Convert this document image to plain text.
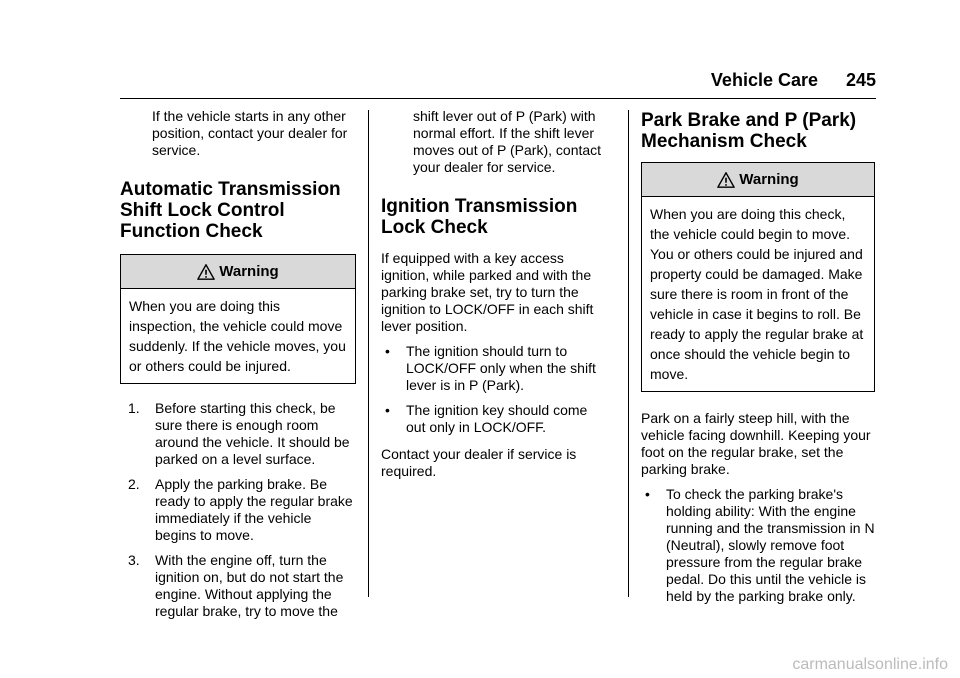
Vehicle Care 245

If the vehicle starts in any other position, contact your dealer for service.

Automatic Transmission Shift Lock Control Function Check
Warning
When you are doing this inspection, the vehicle could move suddenly. If the vehicle moves, you or others could be injured.
1.	Before starting this check, be sure there is enough room around the vehicle. It should be parked on a level surface.
2.	Apply the parking brake. Be ready to apply the regular brake immediately if the vehicle begins to move.
3.	With the engine off, turn the ignition on, but do not start the engine. Without applying the regular brake, try to move the

shift lever out of P (Park) with normal effort. If the shift lever moves out of P (Park), contact your dealer for service.

Ignition Transmission Lock Check

If equipped with a key access ignition, while parked and with the parking brake set, try to turn the ignition to LOCK/OFF in each shift lever position.

•	The ignition should turn to LOCK/OFF only when the shift lever is in P (Park).
•	The ignition key should come out only in LOCK/OFF.

Contact your dealer if service is required.

Park Brake and P (Park) Mechanism Check
Warning
When you are doing this check, the vehicle could begin to move. You or others could be injured and property could be damaged. Make sure there is room in front of the vehicle in case it begins to roll. Be ready to apply the regular brake at once should the vehicle begin to move.

Park on a fairly steep hill, with the vehicle facing downhill. Keeping your foot on the regular brake, set the parking brake.

•	To check the parking brake's holding ability: With the engine running and the transmission in N (Neutral), slowly remove foot pressure from the regular brake pedal. Do this until the vehicle is held by the parking brake only.
carmanualsonline.info
